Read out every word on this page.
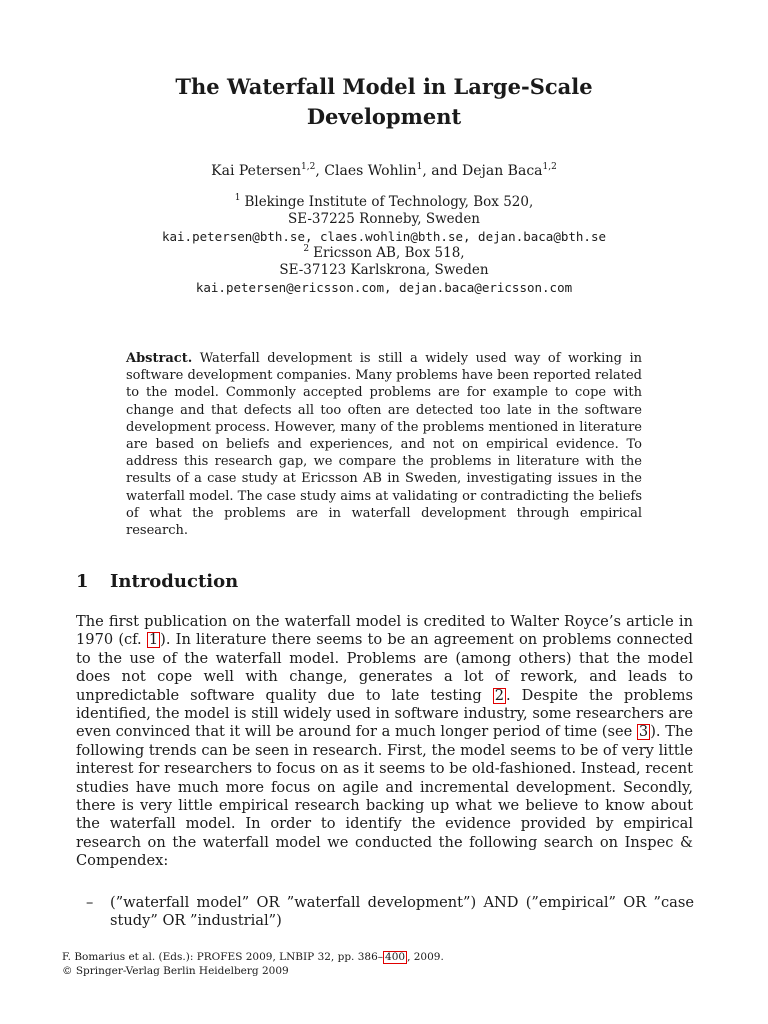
The Waterfall Model in Large-Scale
Development
Kai Petersen$^{1,2}$, Claes Wohlin$^1$, and Dejan Baca$^{1,2}$
$^1$ Blekinge Institute of Technology, Box 520,
SE-37225 Ronneby, Sweden
kai.petersen@bth.se, claes.wohlin@bth.se, dejan.baca@bth.se
$^2$ Ericsson AB, Box 518,
SE-37123 Karlskrona, Sweden
kai.petersen@ericsson.com, dejan.baca@ericsson.com
Abstract. Waterfall development is still a widely used way of working in software development companies. Many problems have been reported related to the model. Commonly accepted problems are for example to cope with change and that defects all too often are detected too late in the software development process. However, many of the problems mentioned in literature are based on beliefs and experiences, and not on empirical evidence. To address this research gap, we compare the problems in literature with the results of a case study at Ericsson AB in Sweden, investigating issues in the waterfall model. The case study aims at validating or contradicting the beliefs of what the problems are in waterfall development through empirical research.
1 Introduction
The first publication on the waterfall model is credited to Walter Royce’s article in 1970 (cf. 1 ). In literature there seems to be an agreement on problems connected to the use of the waterfall model. Problems are (among others) that the model does not cope well with change, generates a lot of rework, and leads to unpredictable software quality due to late testing 2 . Despite the problems identified, the model is still widely used in software industry, some researchers are even convinced that it will be around for a much longer period of time (see 3 ). The following trends can be seen in research. First, the model seems to be of very little interest for researchers to focus on as it seems to be old-fashioned. Instead, recent studies have much more focus on agile and incremental development. Secondly, there is very little empirical research backing up what we believe to know about the waterfall model. In order to identify the evidence provided by empirical research on the waterfall model we conducted the following search on Inspec & Compendex:
– (”waterfall model” OR ”waterfall development”) AND (”empirical” OR ”case study” OR ”industrial”)
F. Bomarius et al. (Eds.): PROFES 2009, LNBIP 32, pp. 386– 400 , 2009.
© Springer-Verlag Berlin Heidelberg 2009
